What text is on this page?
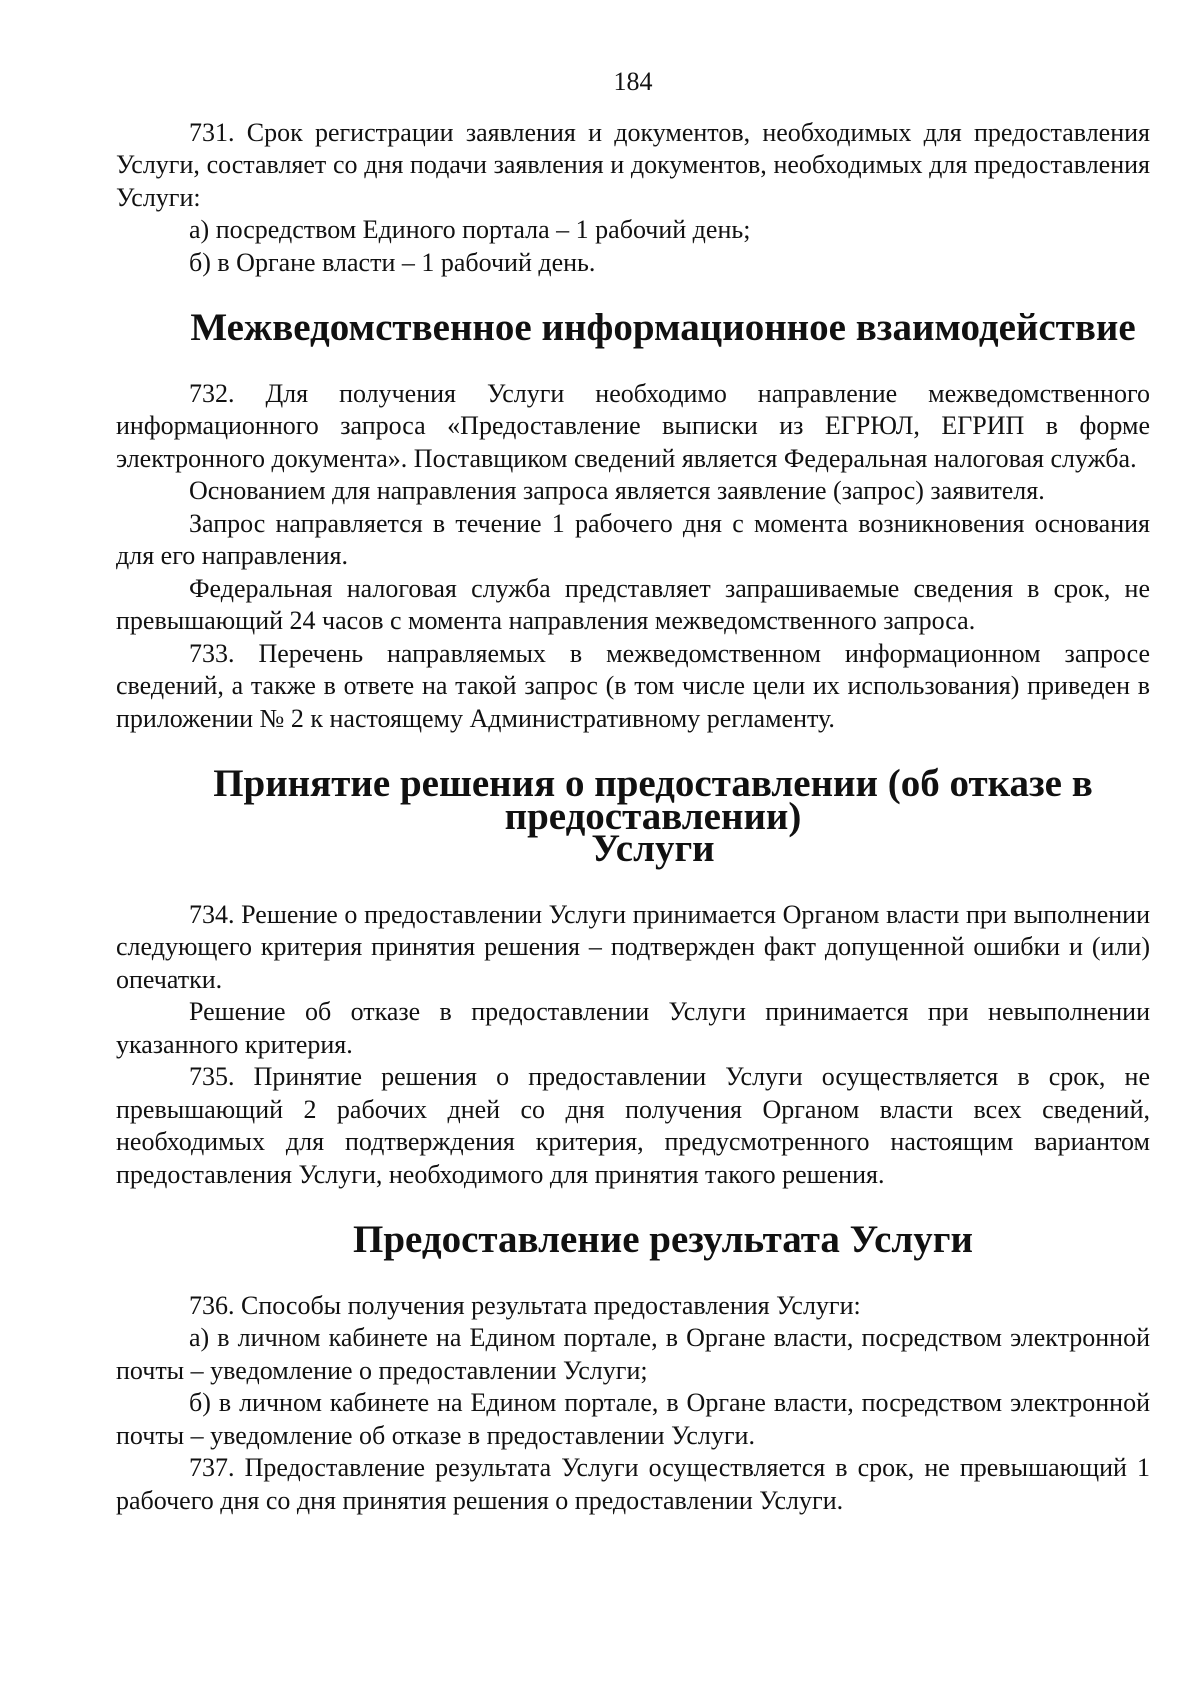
184

731. Срок регистрации заявления и документов, необходимых для предоставления Услуги, составляет со дня подачи заявления и документов, необходимых для предоставления Услуги:

а) посредством Единого портала – 1 рабочий день;

б) в Органе власти – 1 рабочий день.

Межведомственное информационное взаимодействие

732. Для получения Услуги необходимо направление межведомственного информационного запроса «Предоставление выписки из ЕГРЮЛ, ЕГРИП в форме электронного документа». Поставщиком сведений является Федеральная налоговая служба.

Основанием для направления запроса является заявление (запрос) заявителя.

Запрос направляется в течение 1 рабочего дня с момента возникновения основания для его направления.

Федеральная налоговая служба представляет запрашиваемые сведения в срок, не превышающий 24 часов с момента направления межведомственного запроса.

733. Перечень направляемых в межведомственном информационном запросе сведений, а также в ответе на такой запрос (в том числе цели их использования) приведен в приложении № 2 к настоящему Административному регламенту.

Принятие решения о предоставлении (об отказе в предоставлении)
Услуги

734. Решение о предоставлении Услуги принимается Органом власти при выполнении следующего критерия принятия решения – подтвержден факт допущенной ошибки и (или) опечатки.

Решение об отказе в предоставлении Услуги принимается при невыполнении указанного критерия.

735. Принятие решения о предоставлении Услуги осуществляется в срок, не превышающий 2 рабочих дней со дня получения Органом власти всех сведений, необходимых для подтверждения критерия, предусмотренного настоящим вариантом предоставления Услуги, необходимого для принятия такого решения.

Предоставление результата Услуги

736. Способы получения результата предоставления Услуги:

а) в личном кабинете на Едином портале, в Органе власти, посредством электронной почты – уведомление о предоставлении Услуги;

б) в личном кабинете на Едином портале, в Органе власти, посредством электронной почты – уведомление об отказе в предоставлении Услуги.

737. Предоставление результата Услуги осуществляется в срок, не превышающий 1 рабочего дня со дня принятия решения о предоставлении Услуги.
